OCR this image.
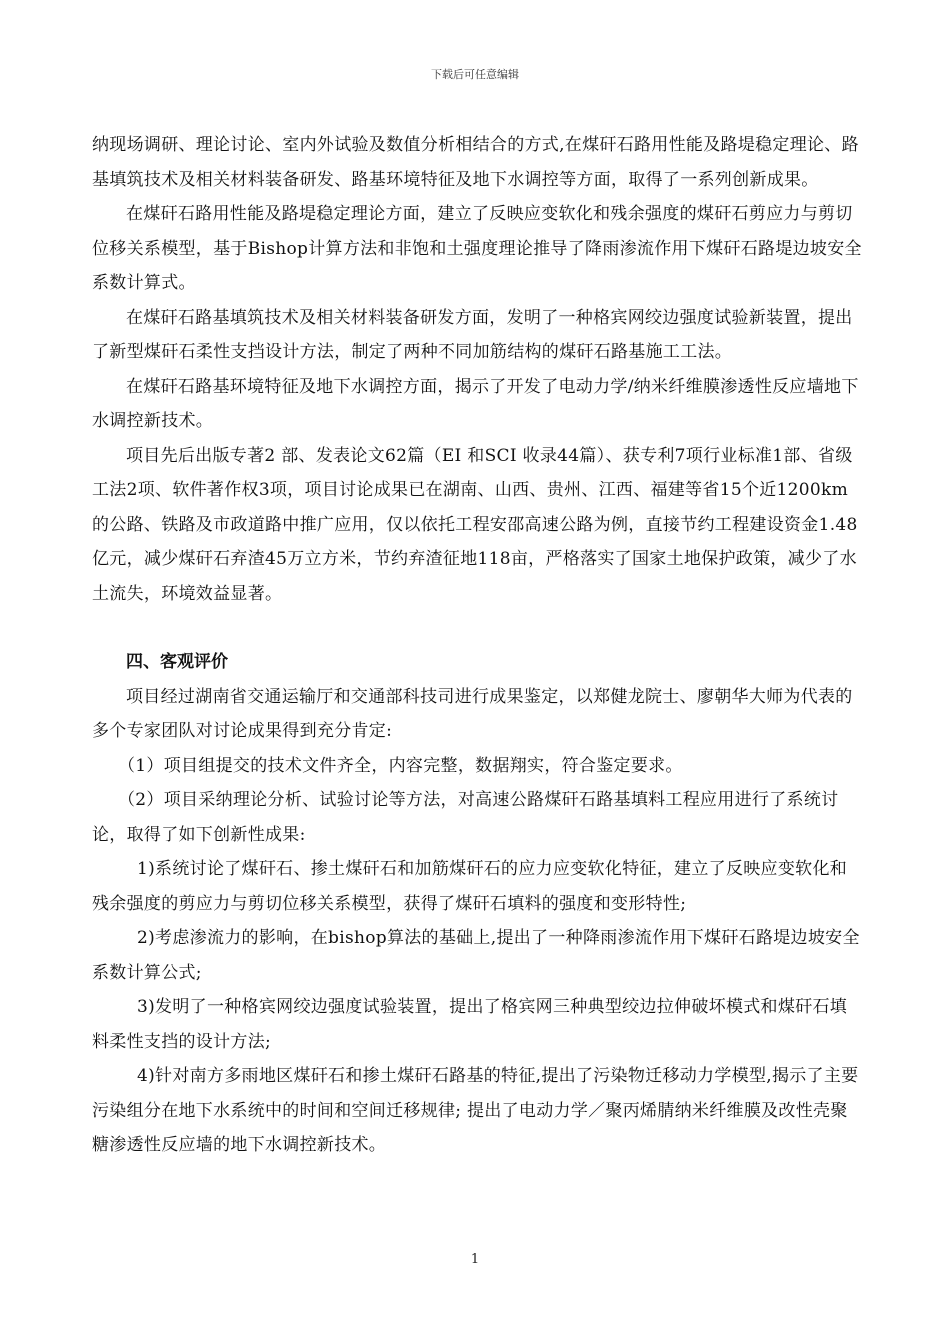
下载后可任意编辑

纳现场调研、理论讨论、室内外试验及数值分析相结合的方式,在煤矸石路用性能及路堤稳定理论、路基填筑技术及相关材料装备研发、路基环境特征及地下水调控等方面，取得了一系列创新成果。

在煤矸石路用性能及路堤稳定理论方面，建立了反映应变软化和残余强度的煤矸石剪应力与剪切位移关系模型，基于Bishop计算方法和非饱和土强度理论推导了降雨渗流作用下煤矸石路堤边坡安全系数计算式。

在煤矸石路基填筑技术及相关材料装备研发方面，发明了一种格宾网绞边强度试验新装置，提出了新型煤矸石柔性支挡设计方法，制定了两种不同加筋结构的煤矸石路基施工工法。

在煤矸石路基环境特征及地下水调控方面，揭示了开发了电动力学/纳米纤维膜渗透性反应墙地下水调控新技术。

项目先后出版专著2 部、发表论文62篇（EI 和SCI 收录44篇）、获专利7项行业标准1部、省级工法2项、软件著作权3项，项目讨论成果已在湖南、山西、贵州、江西、福建等省15个近1200km的公路、铁路及市政道路中推广应用，仅以依托工程安邵高速公路为例，直接节约工程建设资金1.48亿元，减少煤矸石弃渣45万立方米，节约弃渣征地118亩，严格落实了国家土地保护政策，减少了水土流失，环境效益显著。

四、客观评价

项目经过湖南省交通运输厅和交通部科技司进行成果鉴定，以郑健龙院士、廖朝华大师为代表的多个专家团队对讨论成果得到充分肯定:

（1）项目组提交的技术文件齐全，内容完整，数据翔实，符合鉴定要求。

（2）项目采纳理论分析、试验讨论等方法，对高速公路煤矸石路基填料工程应用进行了系统讨论，取得了如下创新性成果:

1)系统讨论了煤矸石、掺土煤矸石和加筋煤矸石的应力应变软化特征，建立了反映应变软化和残余强度的剪应力与剪切位移关系模型，获得了煤矸石填料的强度和变形特性;

2)考虑渗流力的影响，在bishop算法的基础上,提出了一种降雨渗流作用下煤矸石路堤边坡安全系数计算公式;

3)发明了一种格宾网绞边强度试验装置，提出了格宾网三种典型绞边拉伸破坏模式和煤矸石填料柔性支挡的设计方法;

4)针对南方多雨地区煤矸石和掺土煤矸石路基的特征,提出了污染物迁移动力学模型,揭示了主要污染组分在地下水系统中的时间和空间迁移规律; 提出了电动力学／聚丙烯腈纳米纤维膜及改性壳聚糖渗透性反应墙的地下水调控新技术。

1
